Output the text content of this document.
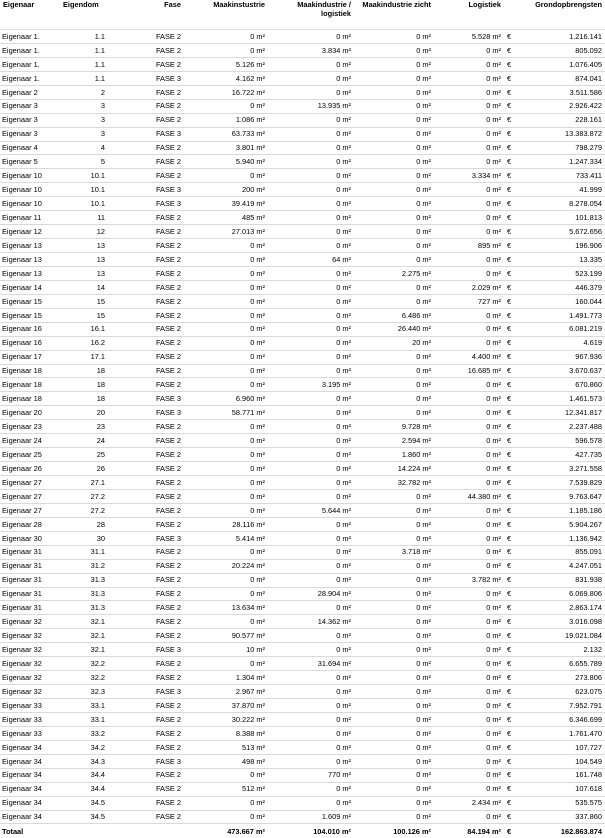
Eigenaar	Eigendom	Fase	Maakinstustrie	Maakindustrie / logistiek	Maakindustrie zicht	Logistiek	Grondopbrengsten	
Eigenaar 1.	1.1	FASE 2	0 m²	0 m²	0 m²	5.528 m²	€	1.216.141
Eigenaar 1.	1.1	FASE 2	0 m²	3.834 m²	0 m²	0 m²	€	805.092
Eigenaar 1.	1.1	FASE 2	5.126 m²	0 m²	0 m²	0 m²	€	1.076.405
Eigenaar 1.	1.1	FASE 3	4.162 m²	0 m²	0 m²	0 m²	€	874.041
Eigenaar 2	2	FASE 2	16.722 m²	0 m²	0 m²	0 m²	€	3.511.586
Eigenaar 3	3	FASE 2	0 m²	13.935 m²	0 m²	0 m²	€	2.926.422
Eigenaar 3	3	FASE 2	1.086 m²	0 m²	0 m²	0 m²	€	228.161
Eigenaar 3	3	FASE 3	63.733 m²	0 m²	0 m²	0 m²	€	13.383.872
Eigenaar 4	4	FASE 2	3.801 m²	0 m²	0 m²	0 m²	€	798.279
Eigenaar 5	5	FASE 2	5.940 m²	0 m²	0 m²	0 m²	€	1.247.334
Eigenaar 10	10.1	FASE 2	0 m²	0 m²	0 m²	3.334 m²	€	733.411
Eigenaar 10	10.1	FASE 3	200 m²	0 m²	0 m²	0 m²	€	41.999
Eigenaar 10	10.1	FASE 3	39.419 m²	0 m²	0 m²	0 m²	€	8.278.054
Eigenaar 11	11	FASE 2	485 m²	0 m²	0 m²	0 m²	€	101.813
Eigenaar 12	12	FASE 2	27.013 m²	0 m²	0 m²	0 m²	€	5.672.656
Eigenaar 13	13	FASE 2	0 m²	0 m²	0 m²	895 m²	€	196.906
Eigenaar 13	13	FASE 2	0 m²	64 m²	0 m²	0 m²	€	13.335
Eigenaar 13	13	FASE 2	0 m²	0 m²	2.275 m²	0 m²	€	523.199
Eigenaar 14	14	FASE 2	0 m²	0 m²	0 m²	2.029 m²	€	446.379
Eigenaar 15	15	FASE 2	0 m²	0 m²	0 m²	727 m²	€	160.044
Eigenaar 15	15	FASE 2	0 m²	0 m²	6.486 m²	0 m²	€	1.491.773
Eigenaar 16	16.1	FASE 2	0 m²	0 m²	26.440 m²	0 m²	€	6.081.219
Eigenaar 16	16.2	FASE 2	0 m²	0 m²	20 m²	0 m²	€	4.619
Eigenaar 17	17.1	FASE 2	0 m²	0 m²	0 m²	4.400 m²	€	967.936
Eigenaar 18	18	FASE 2	0 m²	0 m²	0 m²	16.685 m²	€	3.670.637
Eigenaar 18	18	FASE 2	0 m²	3.195 m²	0 m²	0 m²	€	670.860
Eigenaar 18	18	FASE 3	6.960 m²	0 m²	0 m²	0 m²	€	1.461.573
Eigenaar 20	20	FASE 3	58.771 m²	0 m²	0 m²	0 m²	€	12.341.817
Eigenaar 23	23	FASE 2	0 m²	0 m²	9.728 m²	0 m²	€	2.237.488
Eigenaar 24	24	FASE 2	0 m²	0 m²	2.594 m²	0 m²	€	596.578
Eigenaar 25	25	FASE 2	0 m²	0 m²	1.860 m²	0 m²	€	427.735
Eigenaar 26	26	FASE 2	0 m²	0 m²	14.224 m²	0 m²	€	3.271.558
Eigenaar 27	27.1	FASE 2	0 m²	0 m²	32.782 m²	0 m²	€	7.539.829
Eigenaar 27	27.2	FASE 2	0 m²	0 m²	0 m²	44.380 m²	€	9.763.647
Eigenaar 27	27.2	FASE 2	0 m²	5.644 m²	0 m²	0 m²	€	1.185.186
Eigenaar 28	28	FASE 2	28.116 m²	0 m²	0 m²	0 m²	€	5.904.267
Eigenaar 30	30	FASE 3	5.414 m²	0 m²	0 m²	0 m²	€	1.136.942
Eigenaar 31	31.1	FASE 2	0 m²	0 m²	3.718 m²	0 m²	€	855.091
Eigenaar 31	31.2	FASE 2	20.224 m²	0 m²	0 m²	0 m²	€	4.247.051
Eigenaar 31	31.3	FASE 2	0 m²	0 m²	0 m²	3.782 m²	€	831.938
Eigenaar 31	31.3	FASE 2	0 m²	28.904 m²	0 m²	0 m²	€	6.069.806
Eigenaar 31	31.3	FASE 2	13.634 m²	0 m²	0 m²	0 m²	€	2.863.174
Eigenaar 32	32.1	FASE 2	0 m²	14.362 m²	0 m²	0 m²	€	3.016.098
Eigenaar 32	32.1	FASE 2	90.577 m²	0 m²	0 m²	0 m²	€	19.021.084
Eigenaar 32	32.1	FASE 3	10 m²	0 m²	0 m²	0 m²	€	2.132
Eigenaar 32	32.2	FASE 2	0 m²	31.694 m²	0 m²	0 m²	€	6.655.789
Eigenaar 32	32.2	FASE 2	1.304 m²	0 m²	0 m²	0 m²	€	273.806
Eigenaar 32	32.3	FASE 3	2.967 m²	0 m²	0 m²	0 m²	€	623.075
Eigenaar 33	33.1	FASE 2	37.870 m²	0 m²	0 m²	0 m²	€	7.952.791
Eigenaar 33	33.1	FASE 2	30.222 m²	0 m²	0 m²	0 m²	€	6.346.699
Eigenaar 33	33.2	FASE 2	8.388 m²	0 m²	0 m²	0 m²	€	1.761.470
Eigenaar 34	34.2	FASE 2	513 m²	0 m²	0 m²	0 m²	€	107.727
Eigenaar 34	34.3	FASE 3	498 m²	0 m²	0 m²	0 m²	€	104.549
Eigenaar 34	34.4	FASE 2	0 m²	770 m²	0 m²	0 m²	€	161.748
Eigenaar 34	34.4	FASE 2	512 m²	0 m²	0 m²	0 m²	€	107.618
Eigenaar 34	34.5	FASE 2	0 m²	0 m²	0 m²	2.434 m²	€	535.575
Eigenaar 34	34.5	FASE 2	0 m²	1.609 m²	0 m²	0 m²	€	337.860
Totaal			473.667 m²	104.010 m²	100.126 m²	84.194 m²	€	162.863.874
